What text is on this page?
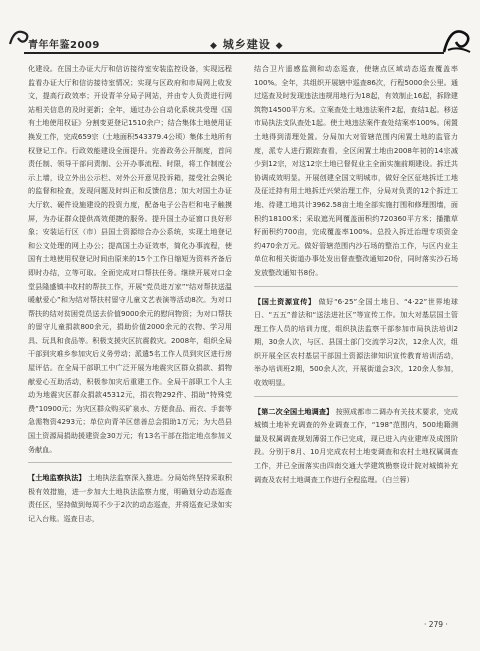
青年年鉴2009	◆ 城乡建设 ◆

化建设。在国土办证大厅和信访接待室安装监控设备，实现远程监看办证大厅和信访接待室情况；实现与区政府和市局网上收发文，提高行政效率；开设青羊分局子网站，并由专人负责进行网站相关信息的及时更新；全年，通过办公自动化系统共受理《国有土地使用权证》分割变更登记1510余户；结合集体土地使用证换发工作，完成659宗（土地面积543379.4公顷）集体土地所有权登记工作。行政效能建设全面提升。完善政务公开制度，首问责任制、领导干部问责制、公开办事流程、时限，将工作制度公示上墙，设立外出公示栏、对外公开意见投诉箱，接受社会舆论的监督和检查，发现问题及时纠正和反馈信息；加大对国土办证大厅软、硬件设施建设的投资力度，配备电子公告栏和电子触摸屏，为办证群众提供高效便捷的服务。提升国土办证窗口良好形象；安装运行区（市）县国土资源综合办公系统，实现土地登记和公文处理的网上办公；提高国土办证效率，简化办事流程，使国有土地使用权登记时间由原来的15个工作日缩短为资料齐备后即时办结，立等可取。全面完成对口帮扶任务。继续开展对口金堂县隆盛镇丰收村的帮扶工作，开展“党员进万家”“结对帮扶送温暖献爱心”和为结对帮扶村留守儿童文艺表演等活动8次。为对口帮扶的结对贫困党员送去价值9000余元的慰问物资；为对口帮扶的留守儿童捐款800余元，捐助价值2000余元的衣物、学习用具、玩具和食品等。积极支援灾区抗震救灾。2008年，组织全局干部到灾难乡参加灾后义务劳动；派遣5名工作人员到灾区进行房屋评估。在全局干部职工中广泛开展为地震灾区群众捐款、捐物献爱心互助活动，积极参加灾后重建工作。全局干部职工个人主动为地震灾区群众捐款45312元，捐衣物292件、捐助“特殊党费”10900元；为灾区群众购买矿泉水、方便食品、雨衣、手套等急需物资4293元；单位向青羊区慈善总会捐助1万元；为大邑县国土资源局捐助援建资金30万元；有13名干部在指定地点参加义务献血。

【土地监察执法】 土地执法监察深入推进。分局始终坚持采取积极有效措施，进一步加大土地执法监察力度，明确划分动态巡查责任区，坚持做到每周不少于2次的动态巡查，并将巡查记录如实记入台账。巡查日志，

结合卫片遥感监测和动态巡查，使辖点区域动态巡查覆盖率100%。全年，共组织开展辖中巡查86次，行程5000余公里。通过巡查及时发现违法违规用地行为18起，有效制止16起，拆除建筑物14500平方米。立案查处土地违法案件2起，查结1起。移送市局执法支队查处1起。使土地违法案件查处结案率100%。闲置土地得到清理处置。分局加大对管辖范围内闲置土地的监管力度，派专人进行跟踪查看，全区闲置土地由2008年初的14宗减少到12宗，对这12宗土地已督促业主全面实施前期建设。拆迁共协调成效明显。开展创建全国文明城市，做好全区征地拆迁工地及征迁持有用土地拆迁兴荣治理工作，分局对负责的12个拆迁工地、待建工地共计3962.58亩土地全部实施打围和修理围墙，面积约18100米；采取遮光网覆盖面积约720360平方米；播撒草籽面积约700亩，完成覆盖率100%。总投入拆迁治理专项资金约470余万元。做好管辖范围内沙石场的整治工作，与区内业主单位和相关街道办事处发出督查整改通知20份，同时落实沙石场发放整改通知书8份。

【国土资源宣传】 做好“6·25”全国土地日、“4·22”世界地球日、“五五”普法和“送法进社区”等宣传工作。加大对基层国土管理工作人员的培训力度，组织执法监察干部参加市局执法培训2期，30余人次，与区、县国土部门交流学习2次，12余人次，组织开展全区农村基层干部国土资源法律知识宣传教育培训活动，举办培训班2期，500余人次，开展街道会3次，120余人参加，收效明显。

【第二次全国土地调查】 按照成都市二调办有关技术要求，完成城镇土地补充调查的外业调查工作，“198”范围内，500地籍测量及权属调查规划薄弱工作已完成，现已进入内业建库及成图阶段。分别于8月、10月完成农村土地变调查和农村土地权属调查工作，并已全面落实由四南交通大学建筑勘察设计院对城镇补充调查及农村土地调查工作进行全程监理。（白兰蓉）

· 279 ·
